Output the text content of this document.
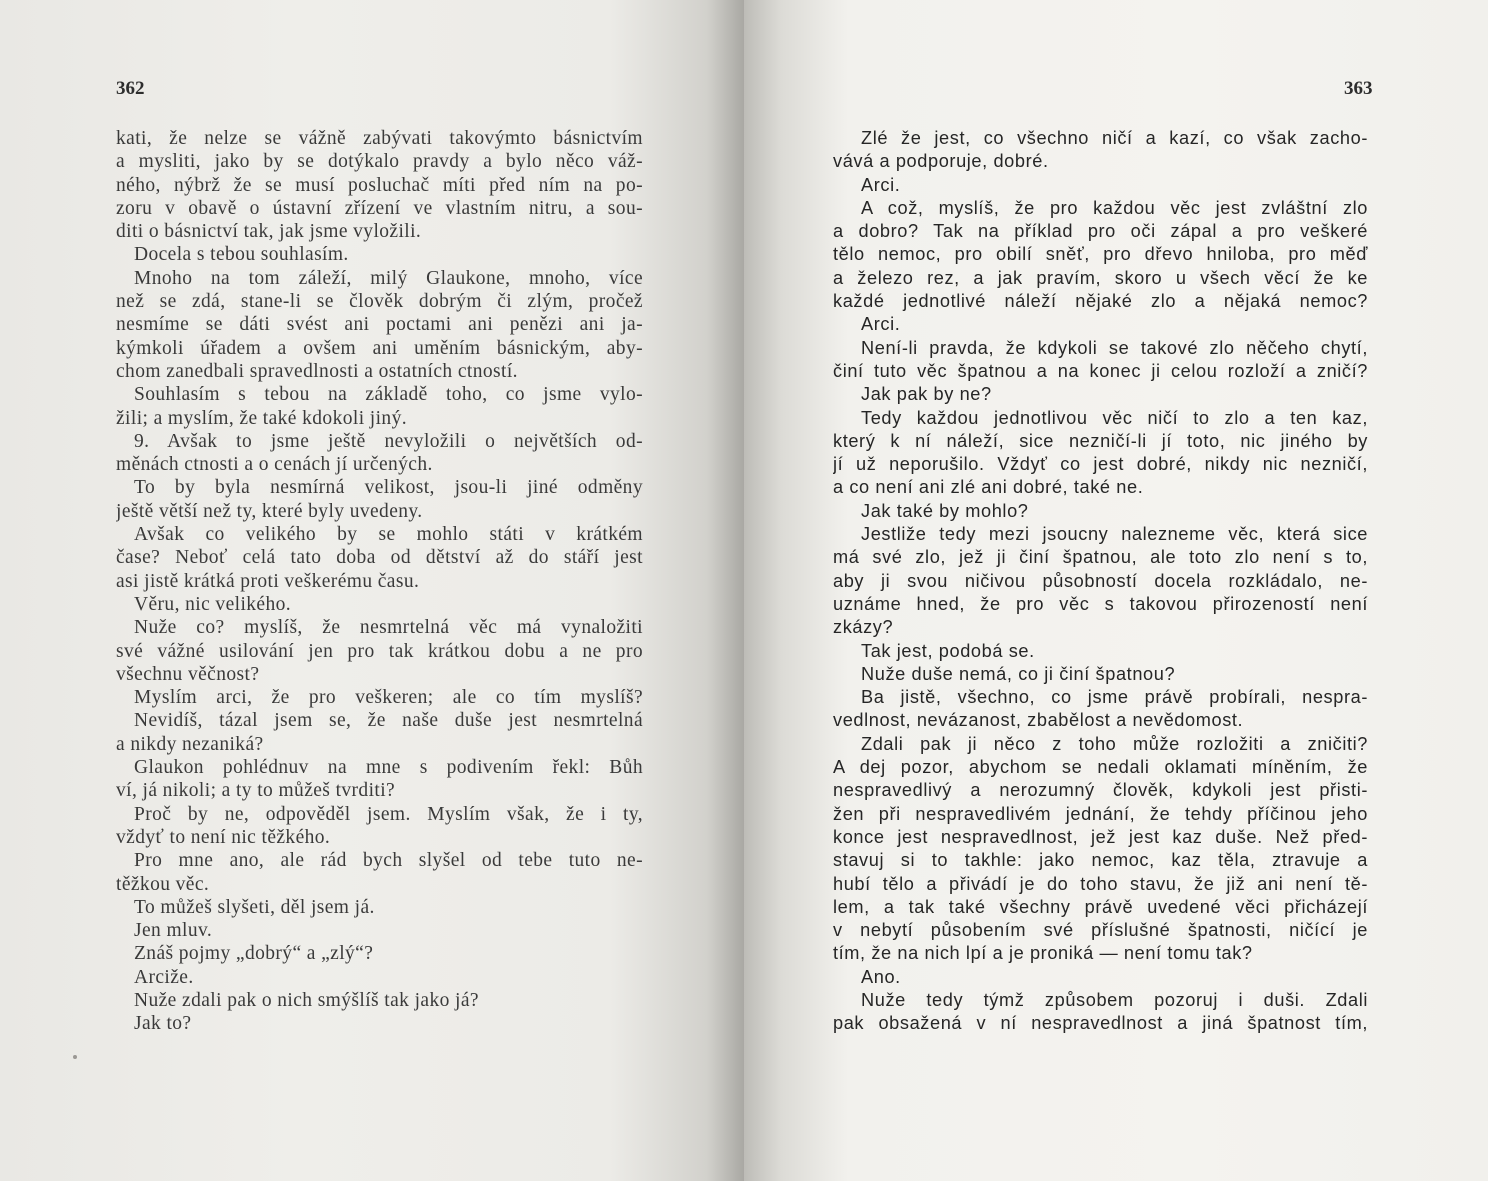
362
kati, že nelze se vážně zabývati takovýmto básnictvím
a mysliti, jako by se dotýkalo pravdy a bylo něco váž-
ného, nýbrž že se musí posluchač míti před ním na po-
zoru v obavě o ústavní zřízení ve vlastním nitru, a sou-
diti o básnictví tak, jak jsme vyložili.
Docela s tebou souhlasím.
Mnoho na tom záleží, milý Glaukone, mnoho, více
než se zdá, stane-li se člověk dobrým či zlým, pročež
nesmíme se dáti svést ani poctami ani penězi ani ja-
kýmkoli úřadem a ovšem ani uměním básnickým, aby-
chom zanedbali spravedlnosti a ostatních ctností.
Souhlasím s tebou na základě toho, co jsme vylo-
žili; a myslím, že také kdokoli jiný.
9. Avšak to jsme ještě nevyložili o největších od-
měnách ctnosti a o cenách jí určených.
To by byla nesmírná velikost, jsou-li jiné odměny
ještě větší než ty, které byly uvedeny.
Avšak co velikého by se mohlo státi v krátkém
čase? Neboť celá tato doba od dětství až do stáří jest
asi jistě krátká proti veškerému času.
Věru, nic velikého.
Nuže co? myslíš, že nesmrtelná věc má vynaložiti
své vážné usilování jen pro tak krátkou dobu a ne pro
všechnu věčnost?
Myslím arci, že pro veškeren; ale co tím myslíš?
Nevidíš, tázal jsem se, že naše duše jest nesmrtelná
a nikdy nezaniká?
Glaukon pohlédnuv na mne s podivením řekl: Bůh
ví, já nikoli; a ty to můžeš tvrditi?
Proč by ne, odpověděl jsem. Myslím však, že i ty,
vždyť to není nic těžkého.
Pro mne ano, ale rád bych slyšel od tebe tuto ne-
těžkou věc.
To můžeš slyšeti, děl jsem já.
Jen mluv.
Znáš pojmy „dobrý“ a „zlý“?
Arciže.
Nuže zdali pak o nich smýšlíš tak jako já?
Jak to?
363
Zlé že jest, co všechno ničí a kazí, co však zacho-
vává a podporuje, dobré.
Arci.
A což, myslíš, že pro každou věc jest zvláštní zlo
a dobro? Tak na příklad pro oči zápal a pro veškeré
tělo nemoc, pro obilí sněť, pro dřevo hniloba, pro měď
a železo rez, a jak pravím, skoro u všech věcí že ke
každé jednotlivé náleží nějaké zlo a nějaká nemoc?
Arci.
Není-li pravda, že kdykoli se takové zlo něčeho chytí,
činí tuto věc špatnou a na konec ji celou rozloží a zničí?
Jak pak by ne?
Tedy každou jednotlivou věc ničí to zlo a ten kaz,
který k ní náleží, sice nezničí-li jí toto, nic jiného by
jí už neporušilo. Vždyť co jest dobré, nikdy nic nezničí,
a co není ani zlé ani dobré, také ne.
Jak také by mohlo?
Jestliže tedy mezi jsoucny nalezneme věc, která sice
má své zlo, jež ji činí špatnou, ale toto zlo není s to,
aby ji svou ničivou působností docela rozkládalo, ne-
uznáme hned, že pro věc s takovou přirozeností není
zkázy?
Tak jest, podobá se.
Nuže duše nemá, co ji činí špatnou?
Ba jistě, všechno, co jsme právě probírali, nespra-
vedlnost, nevázanost, zbabělost a nevědomost.
Zdali pak ji něco z toho může rozložiti a zničiti?
A dej pozor, abychom se nedali oklamati míněním, že
nespravedlivý a nerozumný člověk, kdykoli jest přisti-
žen při nespravedlivém jednání, že tehdy příčinou jeho
konce jest nespravedlnost, jež jest kaz duše. Než před-
stavuj si to takhle: jako nemoc, kaz těla, ztravuje a
hubí tělo a přivádí je do toho stavu, že již ani není tě-
lem, a tak také všechny právě uvedené věci přicházejí
v nebytí působením své příslušné špatnosti, ničící je
tím, že na nich lpí a je proniká — není tomu tak?
Ano.
Nuže tedy týmž způsobem pozoruj i duši. Zdali
pak obsažená v ní nespravedlnost a jiná špatnost tím,
